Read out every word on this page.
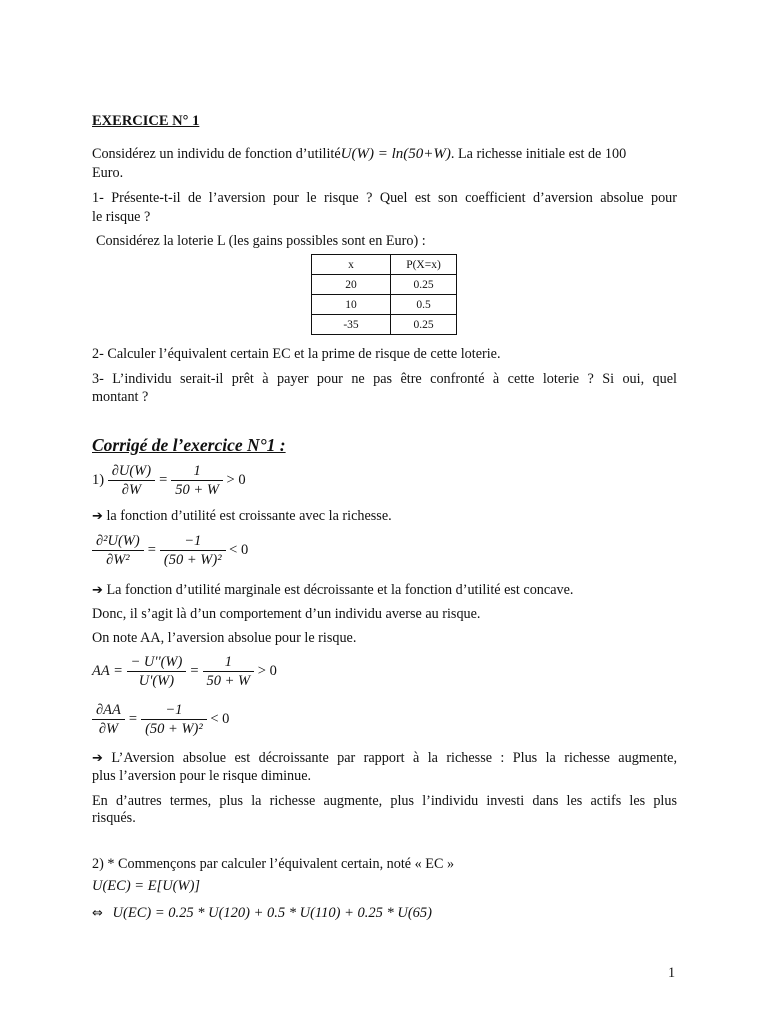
EXERCICE N° 1
Considérez un individu de fonction d’utilitéU(W) = ln(50+W). La richesse initiale est de 100
Euro.
1- Présente-t-il de l’aversion pour le risque ? Quel est son coefficient d’aversion absolue pour
le risque ?
Considérez la loterie L (les gains possibles sont en Euro) :
x	P(X=x)
20	0.25
10	0.5
-35	0.25
2- Calculer l’équivalent certain EC et la prime de risque de cette loterie.
3- L’individu serait-il prêt à payer pour ne pas être confronté à cette loterie ? Si oui, quel
montant ?
Corrigé de l’exercice N°1 :
$1) \frac{\partial U(W)}{\partial W} = \frac{1}{50 + W} > 0$
➔ la fonction d’utilité est croissante avec la richesse.
$\frac{\text{∂²U(W)}}{\text{∂W²}} = \frac{-1}{\text{(50 + W)²}} < 0$
➔ La fonction d’utilité marginale est décroissante et la fonction d’utilité est concave.
Donc, il s’agit là d’un comportement d’un individu averse au risque.
On note AA, l’aversion absolue pour le risque.
AA = $\frac{- U''(W)}{U'(W)} = \frac{1}{50 + W} > 0$
$\frac{\partial AA}{\partial W} = \frac{-1}{\text{(50 + W)²}} < 0$
➔ L’Aversion absolue est décroissante par rapport à la richesse : Plus la richesse augmente,
plus l’aversion pour le risque diminue.
En d’autres termes, plus la richesse augmente, plus l’individu investi dans les actifs les plus
risqués.
2) * Commençons par calculer l’équivalent certain, noté « EC »
U(EC) = E[U(W)]
⇔ U(EC) = 0.25 * U(120) + 0.5 * U(110) + 0.25 * U(65)
1
